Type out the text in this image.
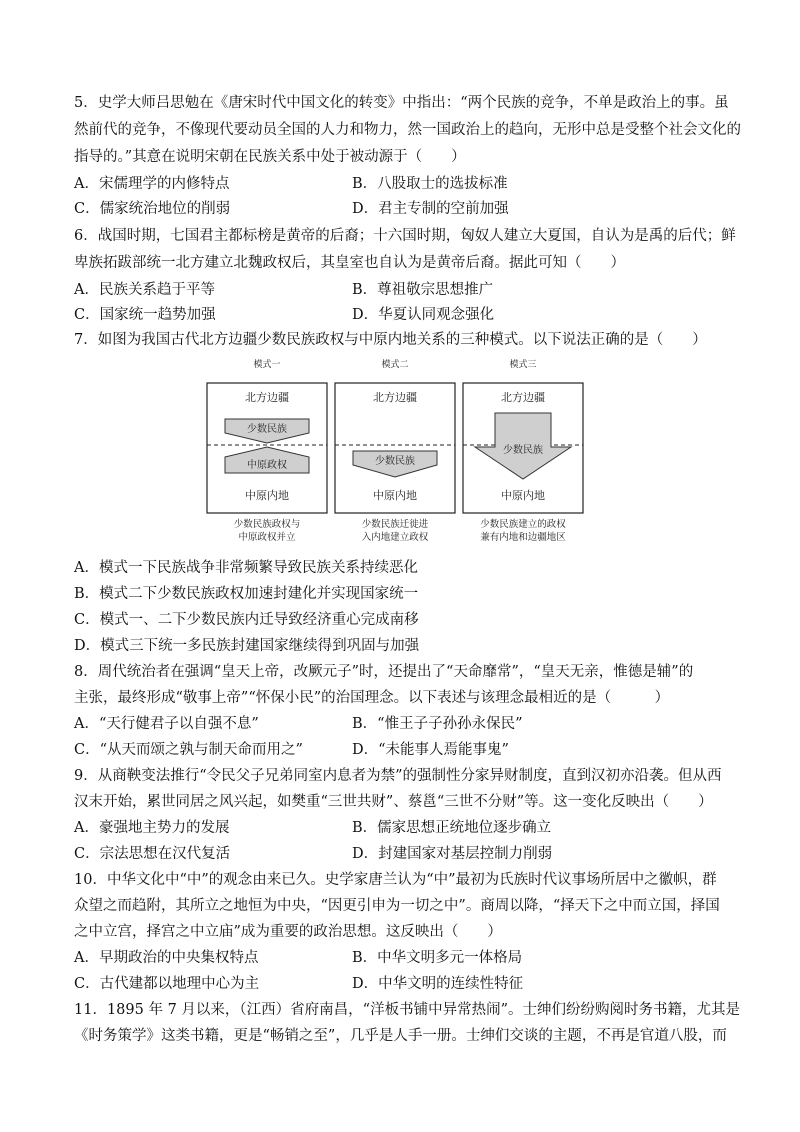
5．史学大师吕思勉在《唐宋时代中国文化的转变》中指出：“两个民族的竞争，不单是政治上的事。虽
然前代的竞争，不像现代要动员全国的人力和物力，然一国政治上的趋向，无形中总是受整个社会文化的
指导的。”其意在说明宋朝在民族关系中处于被动源于（　　）
A．宋儒理学的内修特点	B．八股取士的选拔标准
C．儒家统治地位的削弱	D．君主专制的空前加强
6．战国时期，七国君主都标榜是黄帝的后裔；十六国时期，匈奴人建立大夏国，自认为是禹的后代；鲜
卑族拓跋部统一北方建立北魏政权后，其皇室也自认为是黄帝后裔。据此可知（　　）
A．民族关系趋于平等	B．尊祖敬宗思想推广
C．国家统一趋势加强	D．华夏认同观念强化
7．如图为我国古代北方边疆少数民族政权与中原内地关系的三种模式。以下说法正确的是（　　）
模式一	模式二	模式三
北方边疆
少数民族
中原政权
中原内地
北方边疆
少数民族
中原内地
北方边疆
少数民族
中原内地
少数民族政权与
中原政权并立
少数民族迁徙进
入内地建立政权
少数民族建立的政权
兼有内地和边疆地区
A．模式一下民族战争非常频繁导致民族关系持续恶化
B．模式二下少数民族政权加速封建化并实现国家统一
C．模式一、二下少数民族内迁导致经济重心完成南移
D．模式三下统一多民族封建国家继续得到巩固与加强
8．周代统治者在强调“皇天上帝，改厥元子”时，还提出了“天命靡常”，“皇天无亲，惟德是辅”的
主张，最终形成“敬事上帝”“怀保小民”的治国理念。以下表述与该理念最相近的是（　　　）
A．“天行健君子以自强不息”	B．“惟王子子孙孙永保民”
C．“从天而颂之孰与制天命而用之”	D．“未能事人焉能事鬼”
9．从商鞅变法推行“令民父子兄弟同室内息者为禁”的强制性分家异财制度，直到汉初亦沿袭。但从西
汉末开始，累世同居之风兴起，如樊重“三世共财”、蔡邕“三世不分财”等。这一变化反映出（　　）
A．豪强地主势力的发展	B．儒家思想正统地位逐步确立
C．宗法思想在汉代复活	D．封建国家对基层控制力削弱
10．中华文化中“中”的观念由来已久。史学家唐兰认为“中”最初为氏族时代议事场所居中之徽帜，群
众望之而趋附，其所立之地恒为中央，“因更引申为一切之中”。商周以降，“择天下之中而立国，择国
之中立宫，择宫之中立庙”成为重要的政治思想。这反映出（　　）
A．早期政治的中央集权特点	B．中华文明多元一体格局
C．古代建都以地理中心为主	D．中华文明的连续性特征
11．1895 年 7 月以来，（江西）省府南昌，“洋板书铺中异常热闹”。士绅们纷纷购阅时务书籍，尤其是
《时务策学》这类书籍，更是“畅销之至”，几乎是人手一册。士绅们交谈的主题，不再是官道八股，而
